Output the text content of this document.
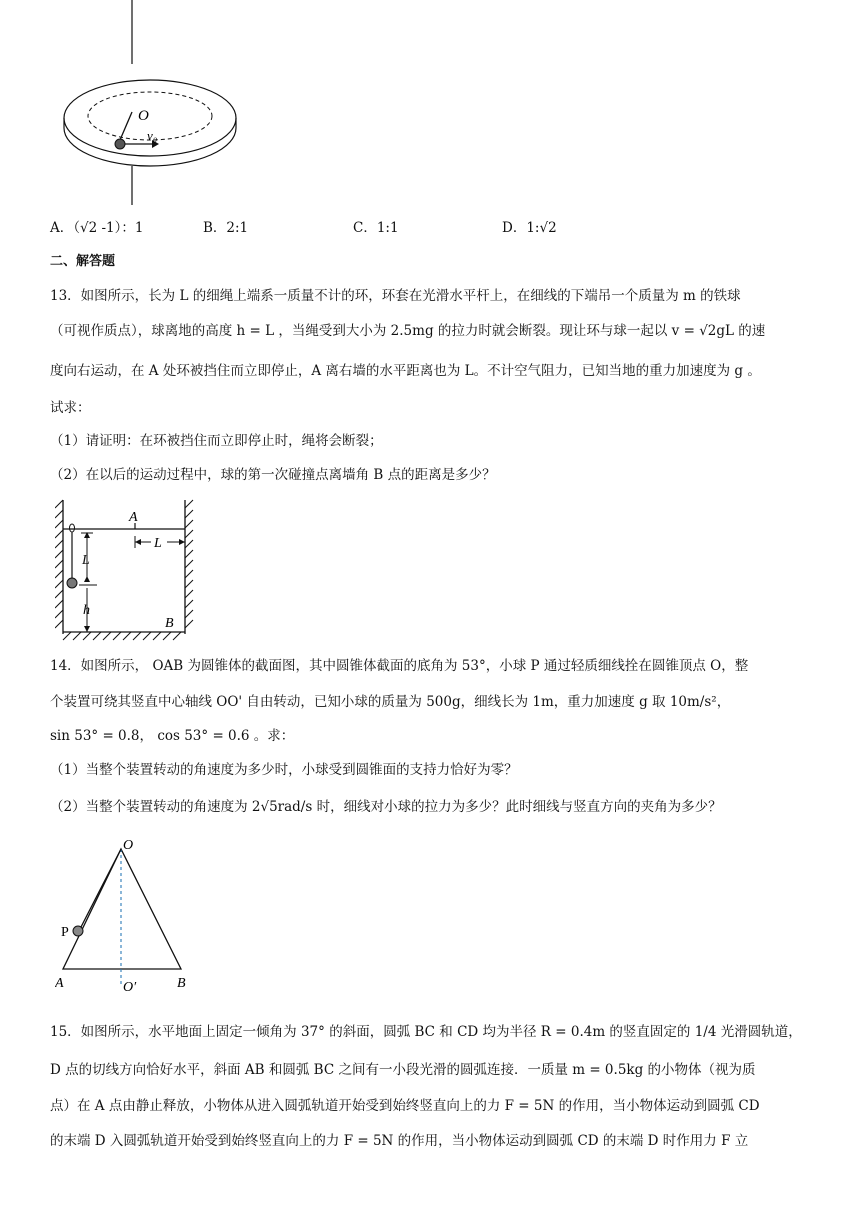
O
v₀
A．（√2 -1）：1	B．2:1	C．1:1	D．1:√2
二、解答题
13．如图所示，长为 L 的细绳上端系一质量不计的环，环套在光滑水平杆上，在细线的下端吊一个质量为 m 的铁球
（可视作质点），球离地的高度 h = L ，当绳受到大小为 2.5mg 的拉力时就会断裂。现让环与球一起以 v = √2gL 的速
度向右运动，在 A 处环被挡住而立即停止，A 离右墙的水平距离也为 L。不计空气阻力，已知当地的重力加速度为 g 。
试求：
（1）请证明：在环被挡住而立即停止时，绳将会断裂；
（2）在以后的运动过程中，球的第一次碰撞点离墙角 B 点的距离是多少？
A
L
L
h
B
14．如图所示， OAB 为圆锥体的截面图，其中圆锥体截面的底角为 53°，小球 P 通过轻质细线拴在圆锥顶点 O，整
个装置可绕其竖直中心轴线 OO' 自由转动，已知小球的质量为 500g，细线长为 1m，重力加速度 g 取 10m/s²，
sin 53° = 0.8， cos 53° = 0.6 。求：
（1）当整个装置转动的角速度为多少时，小球受到圆锥面的支持力恰好为零？
（2）当整个装置转动的角速度为 2√5rad/s 时，细线对小球的拉力为多少？此时细线与竖直方向的夹角为多少？
O
P
A	O′	B
15．如图所示，水平地面上固定一倾角为 37° 的斜面，圆弧 BC 和 CD 均为半径 R = 0.4m 的竖直固定的 1/4 光滑圆轨道，
D 点的切线方向恰好水平，斜面 AB 和圆弧 BC 之间有一小段光滑的圆弧连接．一质量 m = 0.5kg 的小物体（视为质
点）在 A 点由静止释放，小物体从进入圆弧轨道开始受到始终竖直向上的力 F = 5N 的作用，当小物体运动到圆弧 CD
的末端 D 入圆弧轨道开始受到始终竖直向上的力 F = 5N 的作用，当小物体运动到圆弧 CD 的末端 D 时作用力 F 立
